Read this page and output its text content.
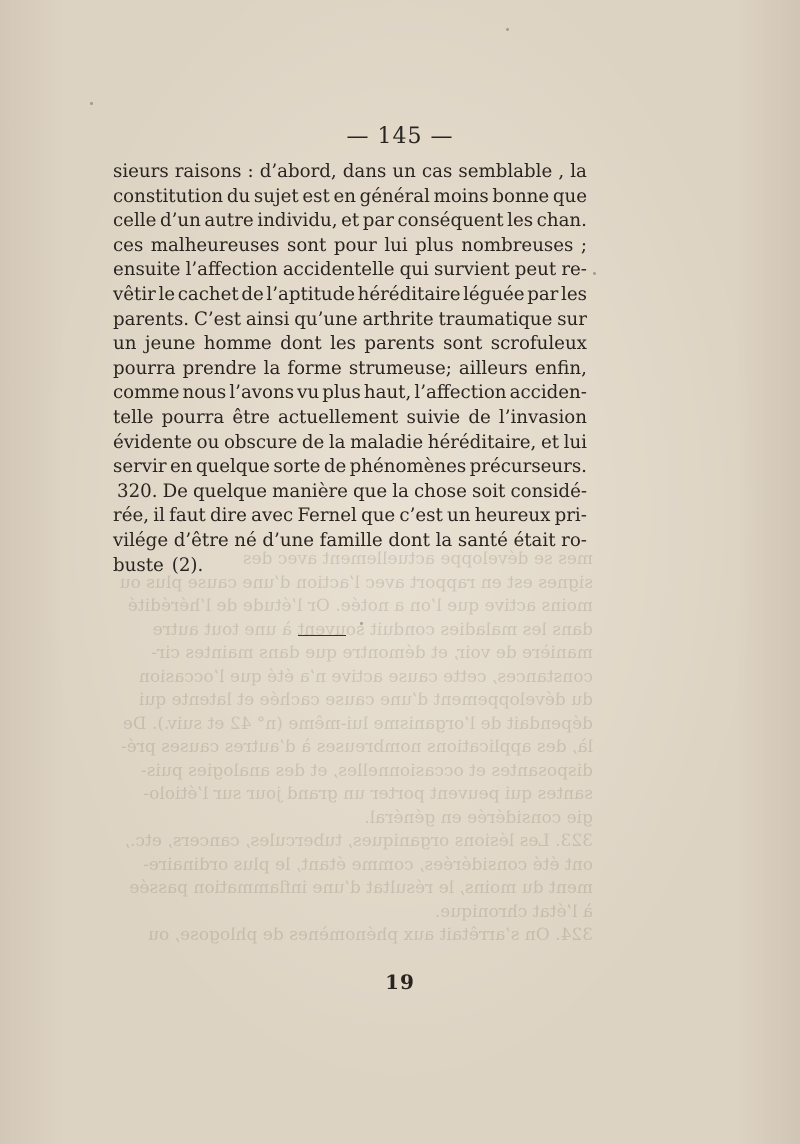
mes se développe actuellement avec des
signes est en rapport avec l’action d’une cause plus ou
moins active que l’on a notée. Or l’étude de l’hérédité
dans les maladies conduit souvent à une tout autre
manière de voir, et démontre que dans maintes cir-
constances, cette cause active n’a été que l’occasion
du développement d’une cause cachée et latente qui
dépendait de l’organisme lui-même (n° 42 et suiv.). De
là, des applications nombreuses à d’autres causes pré-
disposantes et occasionnelles, et des analogies puis-
santes qui peuvent porter un grand jour sur l’étiolo-
gie considérée en général.
323. Les lésions organiques, tubercules, cancers, etc.,
ont été considérées, comme étant, le plus ordinaire-
ment du moins, le résultat d’une inflammation passée
à l’état chronique.
324. On s’arrêtait aux phénomènes de phlogose, ou
— 145 —
sieurs raisons : d’abord, dans un cas semblable , la
constitution du sujet est en général moins bonne que
celle d’un autre individu, et par conséquent les chan.
ces malheureuses sont pour lui plus nombreuses ;
ensuite l’affection accidentelle qui survient peut re-
vêtir le cachet de l’aptitude héréditaire léguée par les
parents. C’est ainsi qu’une arthrite traumatique sur
un jeune homme dont les parents sont scrofuleux
pourra prendre la forme strumeuse; ailleurs enfin,
comme nous l’avons vu plus haut, l’affection acciden-
telle pourra être actuellement suivie de l’invasion
évidente ou obscure de la maladie héréditaire, et lui
servir en quelque sorte de phénomènes précurseurs.
320. De quelque manière que la chose soit considé-
rée, il faut dire avec Fernel que c’est un heureux pri-
vilége d’être né d’une famille dont la santé était ro-
buste (2).
19
